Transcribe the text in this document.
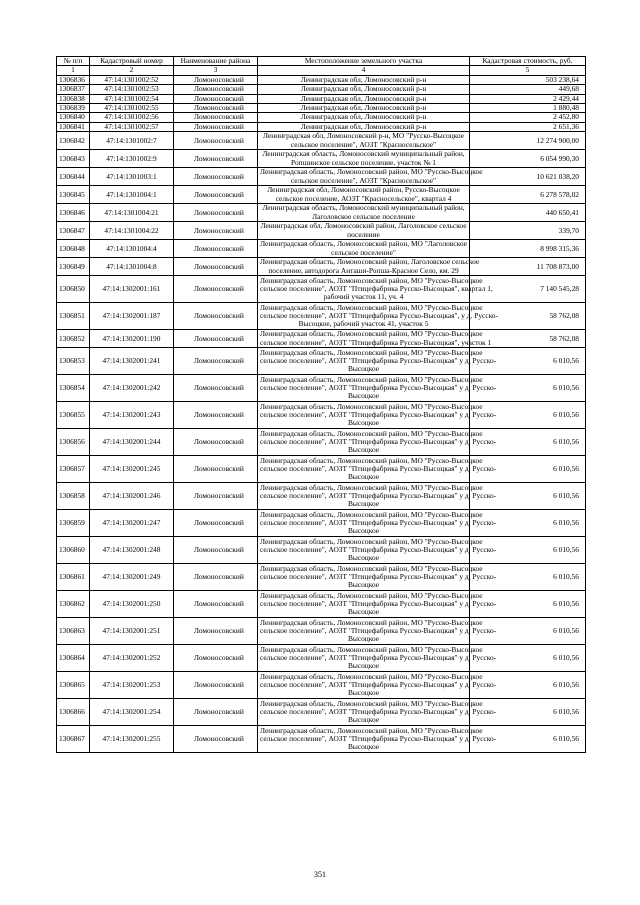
№ п/п	Кадастровый номер	Наименование района	Местоположение земельного участка	Кадастровая стоимость, руб.
1	2	3	4	5
1306836	47:14:1301002:52	Ломоносовский	Ленинградская обл, Ломоносовский р-н	503 238,64
1306837	47:14:1301002:53	Ломоносовский	Ленинградская обл, Ломоносовский р-н	449,68
1306838	47:14:1301002:54	Ломоносовский	Ленинградская обл, Ломоносовский р-н	2 429,44
1306839	47:14:1301002:55	Ломоносовский	Ленинградская обл, Ломоносовский р-н	1 880,48
1306840	47:14:1301002:56	Ломоносовский	Ленинградская обл, Ломоносовский р-н	2 452,80
1306841	47:14:1301002:57	Ломоносовский	Ленинградская обл, Ломоносовский р-н	2 651,36
1306842	47:14:1301002:7	Ломоносовский	Ленинградская обл, Ломоносовский р-н, МО "Русско-Высоцкое
сельское поселение", АОЗТ "Красносельское"	12 274 900,00
1306843	47:14:1301002:9	Ломоносовский	Ленинградская область, Ломоносовский муниципальный район,
Ропшинское сельское поселение, участок № 1	6 054 990,30
1306844	47:14:1301003:1	Ломоносовский	Ленинградская область, Ломоносовский район, МО "Русско-Высоцкое
сельское поселение", АОЗТ "Красносельское"	10 621 038,20
1306845	47:14:1301004:1	Ломоносовский	Ленинградская обл, Ломоносовский район, Русско-Высоцкое
сельское поселение, АОЗТ "Красносельское", квартал 4	6 278 578,02
1306846	47:14:1301004:21	Ломоносовский	Ленинградская область, Ломоносовский муниципальный район,
Лаголовское сельское поселение	440 650,41
1306847	47:14:1301004:22	Ломоносовский	Ленинградская обл, Ломоносовский район, Лаголовское сельское
поселение	339,70
1306848	47:14:1301004:4	Ломоносовский	Ленинградская область, Ломоносовский район, МО "Лаголовское
сельское поселение"	8 998 315,36
1306849	47:14:1301004:8	Ломоносовский	Ленинградская область, Ломоносовский район, Лаголовское сельское
поселение, автодорога Анташи-Ропша-Красное Село, км. 29	11 708 873,00
1306850	47:14:1302001:161	Ломоносовский	Ленинградская область, Ломоносовский район, МО "Русско-Высоцкое
сельское поселение", АОЗТ "Птицефабрика Русско-Высоцкая", квартал 1,
рабочий участок 11, уч. 4	7 140 545,28
1306851	47:14:1302001:187	Ломоносовский	Ленинградская область, Ломоносовский район, МО "Русско-Высоцкое
сельское поселение", АОЗТ "Птицефабрика Русско-Высоцкая", у д. Русско-
Высоцкое, рабочий участок 41, участок 5	58 762,08
1306852	47:14:1302001:190	Ломоносовский	Ленинградская область, Ломоносовский район, МО "Русско-Высоцкое
сельское поселение", АОЗТ "Птицефабрика Русско-Высоцкая", участок 1	58 762,08
1306853	47:14:1302001:241	Ломоносовский	Ленинградская область, Ломоносовский район, МО "Русско-Высоцкое
сельское поселение", АОЗТ "Птицефабрика Русско-Высоцкая" у д. Русско-
Высоцкое	6 010,56
1306854	47:14:1302001:242	Ломоносовский	Ленинградская область, Ломоносовский район, МО "Русско-Высоцкое
сельское поселение", АОЗТ "Птицефабрика Русско-Высоцкая" у д. Русско-
Высоцкое	6 010,56
1306855	47:14:1302001:243	Ломоносовский	Ленинградская область, Ломоносовский район, МО "Русско-Высоцкое
сельское поселение", АОЗТ "Птицефабрика Русско-Высоцкая" у д. Русско-
Высоцкое	6 010,56
1306856	47:14:1302001:244	Ломоносовский	Ленинградская область, Ломоносовский район, МО "Русско-Высоцкое
сельское поселение", АОЗТ "Птицефабрика Русско-Высоцкая" у д. Русско-
Высоцкое	6 010,56
1306857	47:14:1302001:245	Ломоносовский	Ленинградская область, Ломоносовский район, МО "Русско-Высоцкое
сельское поселение", АОЗТ "Птицефабрика Русско-Высоцкая" у д. Русско-
Высоцкое	6 010,56
1306858	47:14:1302001:246	Ломоносовский	Ленинградская область, Ломоносовский район, МО "Русско-Высоцкое
сельское поселение", АОЗТ "Птицефабрика Русско-Высоцкая" у д. Русско-
Высоцкое	6 010,56
1306859	47:14:1302001:247	Ломоносовский	Ленинградская область, Ломоносовский район, МО "Русско-Высоцкое
сельское поселение", АОЗТ "Птицефабрика Русско-Высоцкая" у д. Русско-
Высоцкое	6 010,56
1306860	47:14:1302001:248	Ломоносовский	Ленинградская область, Ломоносовский район, МО "Русско-Высоцкое
сельское поселение", АОЗТ "Птицефабрика Русско-Высоцкая" у д. Русско-
Высоцкое	6 010,56
1306861	47:14:1302001:249	Ломоносовский	Ленинградская область, Ломоносовский район, МО "Русско-Высоцкое
сельское поселение", АОЗТ "Птицефабрика Русско-Высоцкая" у д. Русско-
Высоцкое	6 010,56
1306862	47:14:1302001:250	Ломоносовский	Ленинградская область, Ломоносовский район, МО "Русско-Высоцкое
сельское поселение", АОЗТ "Птицефабрика Русско-Высоцкая" у д. Русско-
Высоцкое	6 010,56
1306863	47:14:1302001:251	Ломоносовский	Ленинградская область, Ломоносовский район, МО "Русско-Высоцкое
сельское поселение", АОЗТ "Птицефабрика Русско-Высоцкая" у д. Русско-
Высоцкое	6 010,56
1306864	47:14:1302001:252	Ломоносовский	Ленинградская область, Ломоносовский район, МО "Русско-Высоцкое
сельское поселение", АОЗТ "Птицефабрика Русско-Высоцкая" у д. Русско-
Высоцкое	6 010,56
1306865	47:14:1302001:253	Ломоносовский	Ленинградская область, Ломоносовский район, МО "Русско-Высоцкое
сельское поселение", АОЗТ "Птицефабрика Русско-Высоцкая" у д. Русско-
Высоцкое	6 010,56
1306866	47:14:1302001:254	Ломоносовский	Ленинградская область, Ломоносовский район, МО "Русско-Высоцкое
сельское поселение", АОЗТ "Птицефабрика Русско-Высоцкая" у д. Русско-
Высоцкое	6 010,56
1306867	47:14:1302001:255	Ломоносовский	Ленинградская область, Ломоносовский район, МО "Русско-Высоцкое
сельское поселение", АОЗТ "Птицефабрика Русско-Высоцкая" у д. Русско-
Высоцкое	6 010,56
351
